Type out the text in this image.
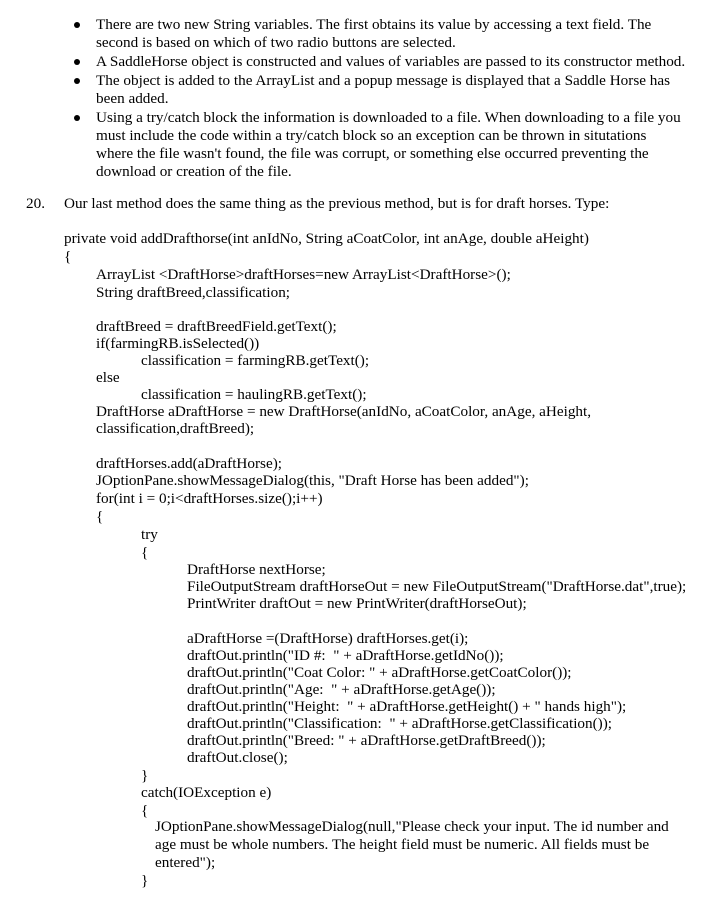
There are two new String variables. The first obtains its value by accessing a text field. The second is based on which of two radio buttons are selected.
A SaddleHorse object is constructed and values of variables are passed to its constructor method.
The object is added to the ArrayList and a popup message is displayed that a Saddle Horse has been added.
Using a try/catch block the information is downloaded to a file. When downloading to a file you must include the code within a try/catch block so an exception can be thrown in situtations where the file wasn't found, the file was corrupt, or something else occurred preventing the download or creation of the file.
20. Our last method does the same thing as the previous method, but is for draft horses. Type:
private void addDrafthorse(int anIdNo, String aCoatColor, int anAge, double aHeight)
{
ArrayList <DraftHorse>draftHorses=new ArrayList<DraftHorse>();
String draftBreed,classification;
draftBreed = draftBreedField.getText();
if(farmingRB.isSelected())
classification = farmingRB.getText();
else
classification = haulingRB.getText();
DraftHorse aDraftHorse = new DraftHorse(anIdNo, aCoatColor, anAge, aHeight,
classification,draftBreed);
draftHorses.add(aDraftHorse);
JOptionPane.showMessageDialog(this, "Draft Horse has been added");
for(int i = 0;i<draftHorses.size();i++)
{
try
{
DraftHorse nextHorse;
FileOutputStream draftHorseOut = new FileOutputStream("DraftHorse.dat",true);
PrintWriter draftOut = new PrintWriter(draftHorseOut);
aDraftHorse =(DraftHorse) draftHorses.get(i);
draftOut.println("ID #:  " + aDraftHorse.getIdNo());
draftOut.println("Coat Color: " + aDraftHorse.getCoatColor());
draftOut.println("Age:  " + aDraftHorse.getAge());
draftOut.println("Height:  " + aDraftHorse.getHeight() + " hands high");
draftOut.println("Classification:  " + aDraftHorse.getClassification());
draftOut.println("Breed: " + aDraftHorse.getDraftBreed());
draftOut.close();
}
catch(IOException e)
{
JOptionPane.showMessageDialog(null,"Please check your input. The id number and age must be whole numbers. The height field must be numeric. All fields must be entered");
}
